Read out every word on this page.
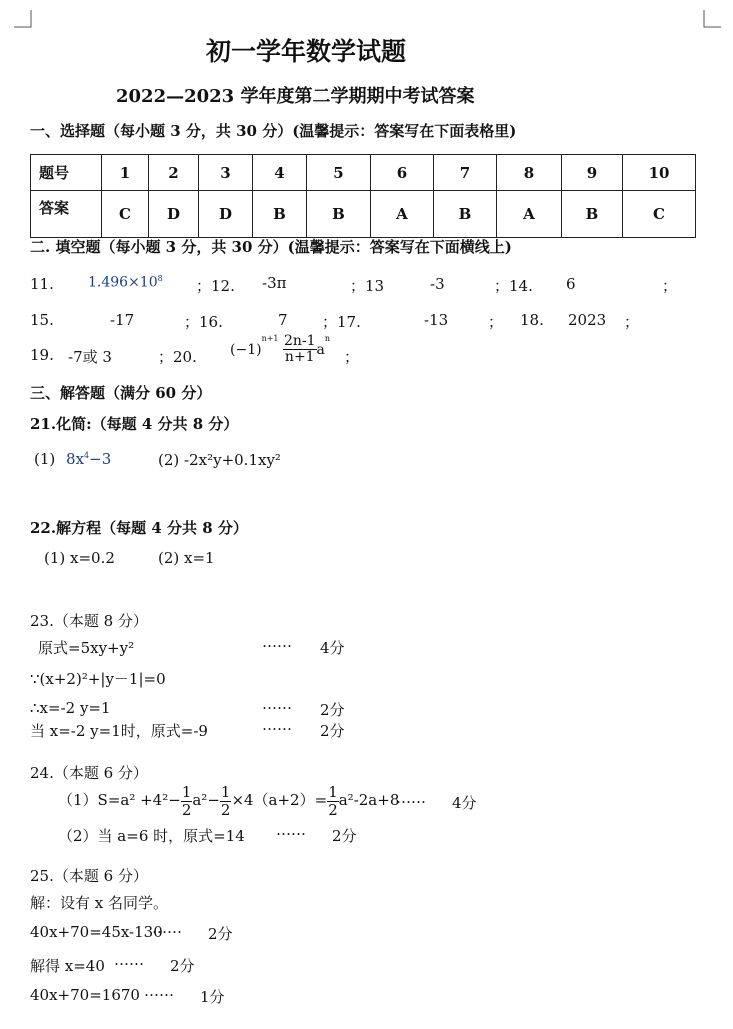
初一学年数学试题
2022—2023 学年度第二学期期中考试答案
一、选择题（每小题 3 分，共 30 分）(温馨提示：答案写在下面表格里)
题号	1	2	3	4	5	6	7	8	9	10
答案	C	D	D	B	B	A	B	A	B	C
二. 填空题（每小题 3 分，共 30 分）(温馨提示：答案写在下面横线上)
11. $1.496\times 10^8$ ；12. -3π	；13	-3	；14. 6	；
15.	-17	；16.	7 ；17.	-13	； 18. 2023 ；
19. -7或 3	；20. $(-1)^{n+1} \frac{2n-1}{n+1} a^n$
；
三、解答题（满分 60 分）
21.化简:（每题 4 分共 8 分）
(1) $8x^4-3$	(2) -2x²y+0.1xy²
22.解方程（每题 4 分共 8 分）
(1) x=0.2	(2) x=1
23.（本题 8 分）
原式=5xy+y²	…… 4分
∵(x+2)²+|y－1|=0
∴x=-2 y=1	…… 2分
当 x=-2 y=1时，原式=-9	…… 2分
24.（本题 6 分）
$(1)S=a^2 +4^2- \frac{1}{2} a^2- \frac{1}{2} \times 4(a+2)= \frac{1}{2} a^2-2a+8$
…… 4分
（2）当 a=6 时，原式=14 …… 2分
25.（本题 6 分）
解：设有 x 名同学。
40x+70=45x-130
…… 2分
解得 x=40 …… 2分
40x+70=1670 …… 1分
